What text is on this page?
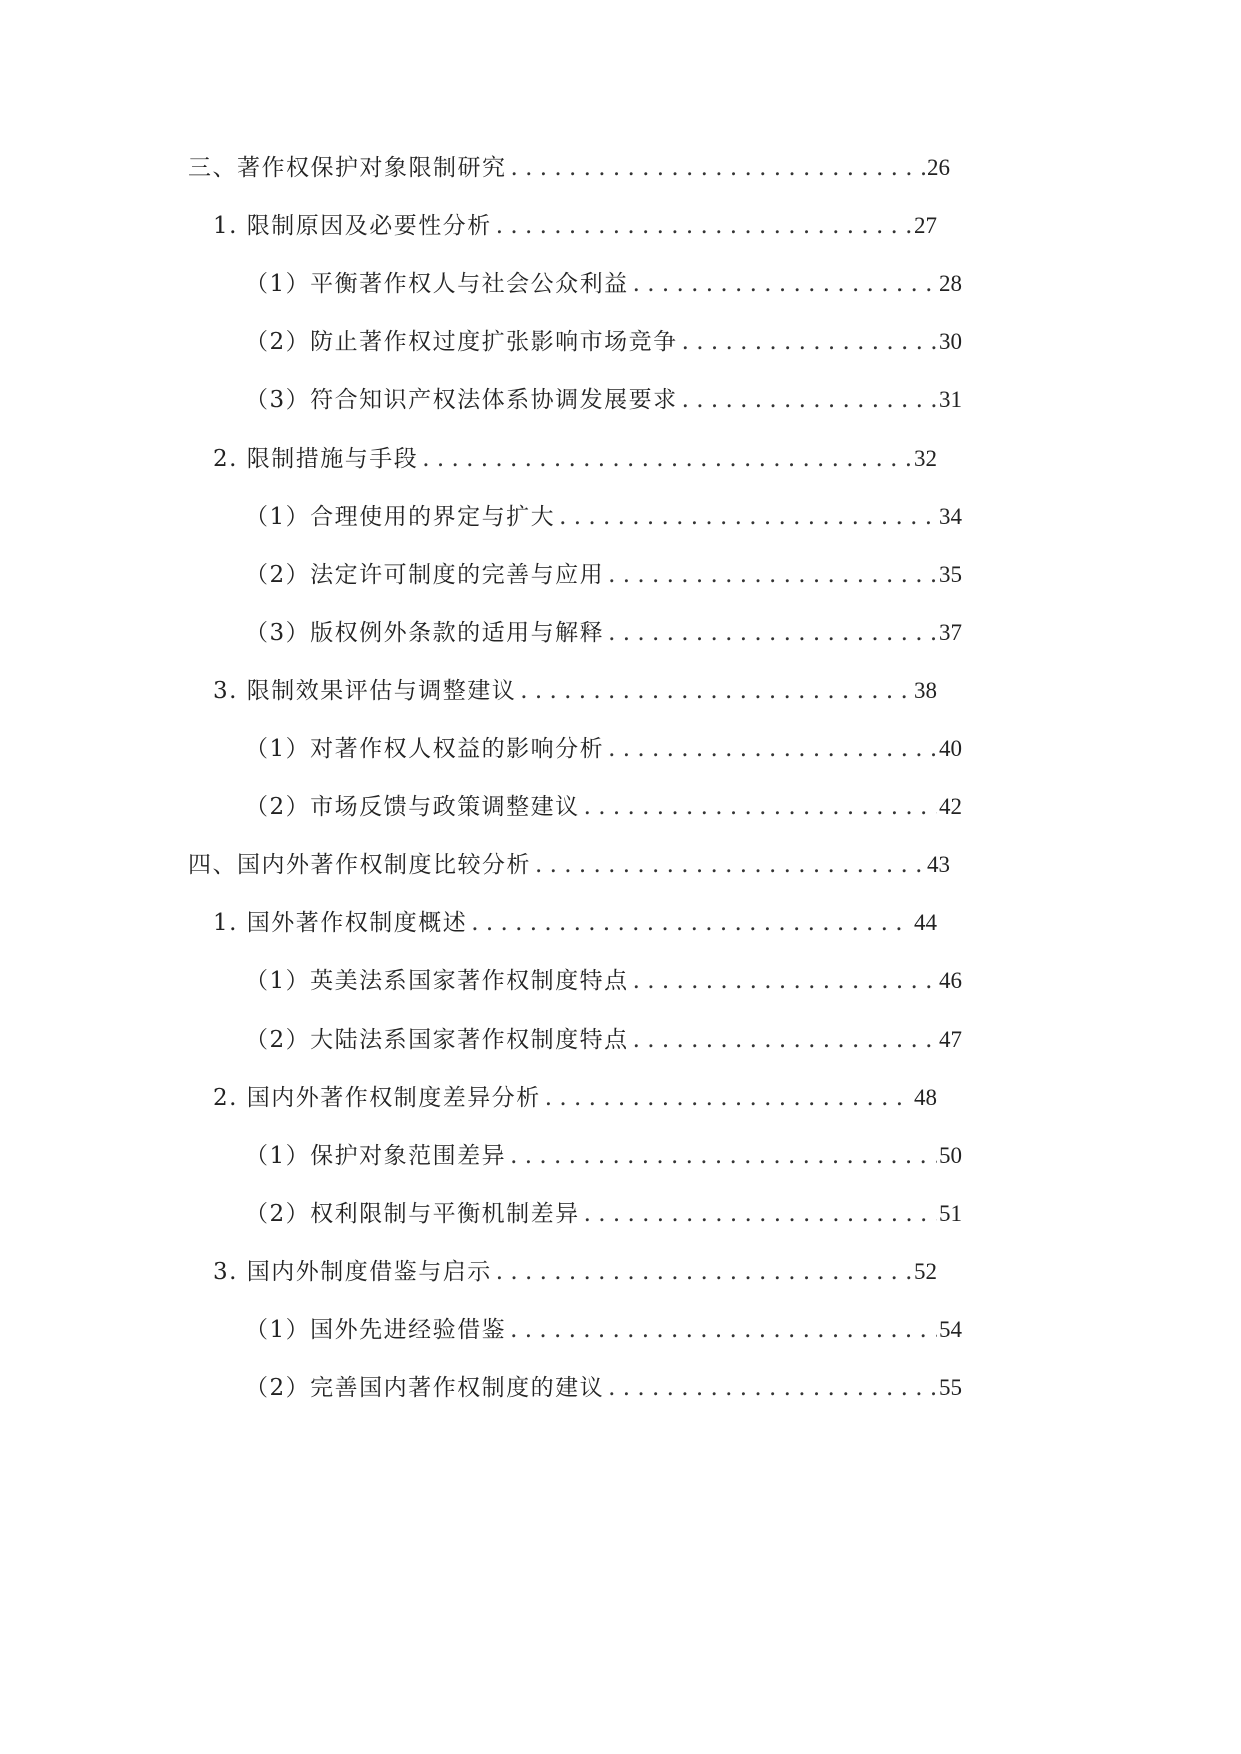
三、著作权保护对象限制研究 . . .	26
1. 限制原因及必要性分析 . . .	27
（1）平衡著作权人与社会公众利益 . . .	28
（2）防止著作权过度扩张影响市场竞争 . . .	30
（3）符合知识产权法体系协调发展要求 . . .	31
2. 限制措施与手段 . . .	32
（1）合理使用的界定与扩大 . . .	34
（2）法定许可制度的完善与应用 . . .	35
（3）版权例外条款的适用与解释 . . .	37
3. 限制效果评估与调整建议 . . .	38
（1）对著作权人权益的影响分析 . . .	40
（2）市场反馈与政策调整建议 . . .	42
四、国内外著作权制度比较分析 . . .	43
1. 国外著作权制度概述 . . .	44
（1）英美法系国家著作权制度特点 . . .	46
（2）大陆法系国家著作权制度特点 . . .	47
2. 国内外著作权制度差异分析 . . .	48
（1）保护对象范围差异 . . .	50
（2）权利限制与平衡机制差异 . . .	51
3. 国内外制度借鉴与启示 . . .	52
（1）国外先进经验借鉴 . . .	54
（2）完善国内著作权制度的建议 . . .	55
